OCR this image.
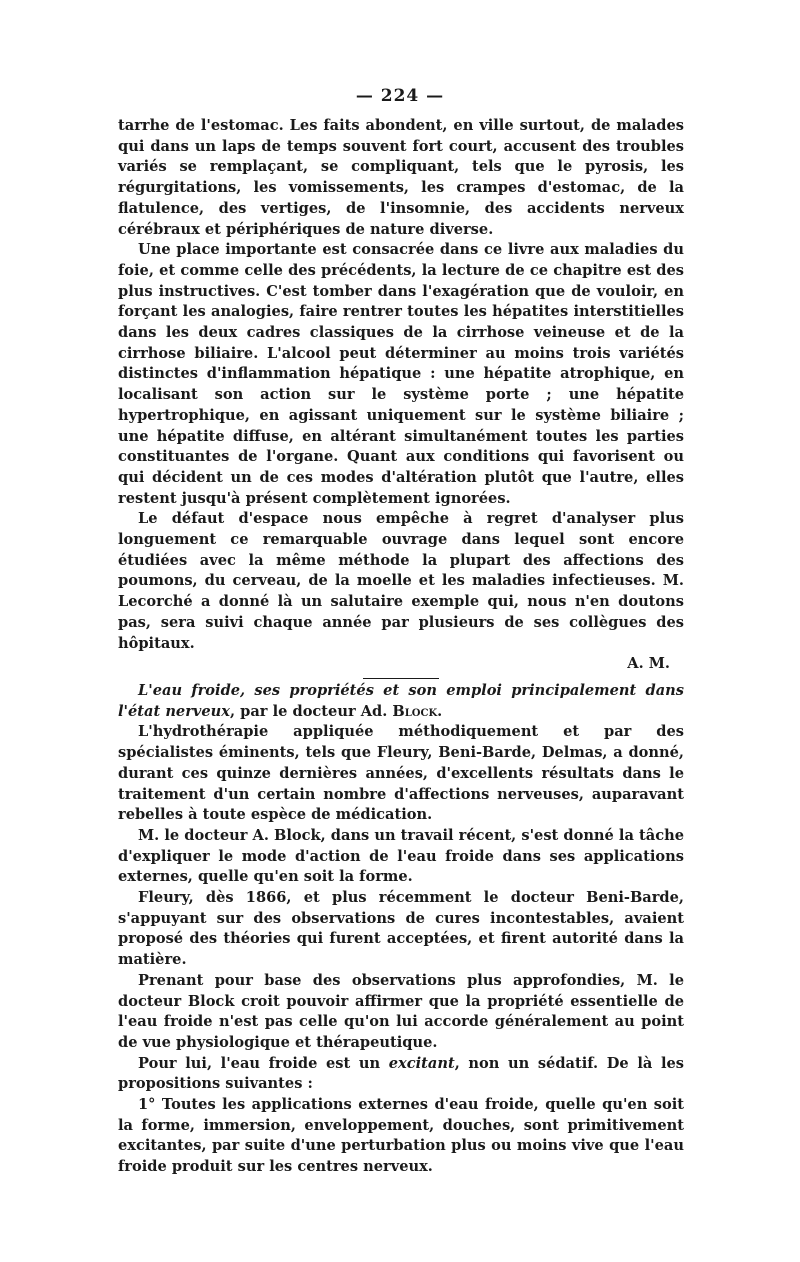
— 224 —

tarrhe de l'estomac. Les faits abondent, en ville surtout, de malades qui dans un laps de temps souvent fort court, accusent des troubles variés se remplaçant, se compliquant, tels que le pyrosis, les régurgitations, les vomissements, les crampes d'estomac, de la flatulence, des vertiges, de l'insomnie, des accidents nerveux cérébraux et périphériques de nature diverse.

Une place importante est consacrée dans ce livre aux maladies du foie, et comme celle des précédents, la lecture de ce chapitre est des plus instructives. C'est tomber dans l'exagération que de vouloir, en forçant les analogies, faire rentrer toutes les hépatites interstitielles dans les deux cadres classiques de la cirrhose veineuse et de la cirrhose biliaire. L'alcool peut déterminer au moins trois variétés distinctes d'inflammation hépatique : une hépatite atrophique, en localisant son action sur le système porte ; une hépatite hypertrophique, en agissant uniquement sur le système biliaire ; une hépatite diffuse, en altérant simultanément toutes les parties constituantes de l'organe. Quant aux conditions qui favorisent ou qui décident un de ces modes d'altération plutôt que l'autre, elles restent jusqu'à présent complètement ignorées.

Le défaut d'espace nous empêche à regret d'analyser plus longuement ce remarquable ouvrage dans lequel sont encore étudiées avec la même méthode la plupart des affections des poumons, du cerveau, de la moelle et les maladies infectieuses. M. Lecorché a donné là un salutaire exemple qui, nous n'en doutons pas, sera suivi chaque année par plusieurs de ses collègues des hôpitaux.

A. M.

L'eau froide, ses propriétés et son emploi principalement dans l'état nerveux, par le docteur Ad. Block.

L'hydrothérapie appliquée méthodiquement et par des spécialistes éminents, tels que Fleury, Beni-Barde, Delmas, a donné, durant ces quinze dernières années, d'excellents résultats dans le traitement d'un certain nombre d'affections nerveuses, auparavant rebelles à toute espèce de médication.

M. le docteur A. Block, dans un travail récent, s'est donné la tâche d'expliquer le mode d'action de l'eau froide dans ses applications externes, quelle qu'en soit la forme.

Fleury, dès 1866, et plus récemment le docteur Beni-Barde, s'appuyant sur des observations de cures incontestables, avaient proposé des théories qui furent acceptées, et firent autorité dans la matière.

Prenant pour base des observations plus approfondies, M. le docteur Block croit pouvoir affirmer que la propriété essentielle de l'eau froide n'est pas celle qu'on lui accorde généralement au point de vue physiologique et thérapeutique.

Pour lui, l'eau froide est un excitant, non un sédatif. De là les propositions suivantes :

1° Toutes les applications externes d'eau froide, quelle qu'en soit la forme, immersion, enveloppement, douches, sont primitivement excitantes, par suite d'une perturbation plus ou moins vive que l'eau froide produit sur les centres nerveux.
